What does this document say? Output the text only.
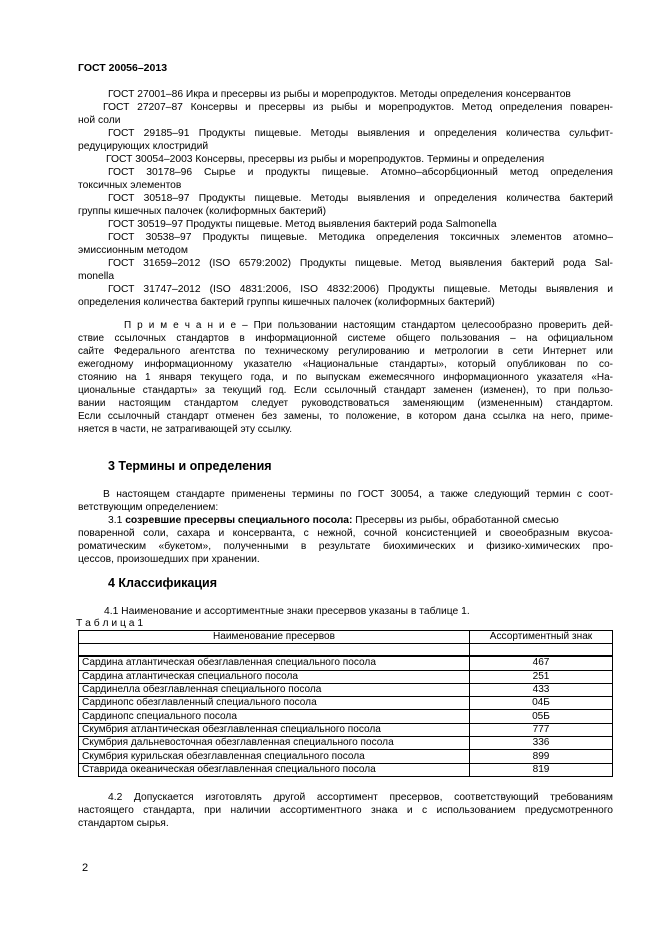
ГОСТ 20056–2013
ГОСТ 27001–86 Икра и пресервы из рыбы и морепродуктов. Методы определения консервантов
ГОСТ 27207–87 Консервы и пресервы из рыбы и морепродуктов. Метод определения поварен-
ной соли
ГОСТ 29185–91 Продукты пищевые. Методы выявления и определения количества сульфит-
редуцирующих клостридий
ГОСТ 30054–2003 Консервы, пресервы из рыбы и морепродуктов. Термины и определения
ГОСТ 30178–96 Сырье и продукты пищевые. Атомно–абсорбционный метод определения
токсичных элементов
ГОСТ 30518–97 Продукты пищевые. Методы выявления и определения количества бактерий
группы кишечных палочек (колиформных бактерий)
ГОСТ 30519–97 Продукты пищевые. Метод выявления бактерий рода Salmonella
ГОСТ 30538–97 Продукты пищевые. Методика определения токсичных элементов атомно–
эмиссионным методом
ГОСТ 31659–2012 (ISO 6579:2002) Продукты пищевые. Метод выявления бактерий рода Sal-
monella
ГОСТ 31747–2012 (ISO 4831:2006, ISO 4832:2006) Продукты пищевые. Методы выявления и
определения количества бактерий группы кишечных палочек (колиформных бактерий)
П р и м е ч а н и е – При пользовании настоящим стандартом целесообразно проверить дей-
ствие ссылочных стандартов в информационной системе общего пользования – на официальном
сайте Федерального агентства по техническому регулированию и метрологии в сети Интернет или
ежегодному информационному указателю «Национальные стандарты», который опубликован по со-
стоянию на 1 января текущего года, и по выпускам ежемесячного информационного указателя «На-
циональные стандарты» за текущий год. Если ссылочный стандарт заменен (изменен), то при пользо-
вании настоящим стандартом следует руководствоваться заменяющим (измененным) стандартом.
Если ссылочный стандарт отменен без замены, то положение, в котором дана ссылка на него, приме-
няется в части, не затрагивающей эту ссылку.
3 Термины и определения
В настоящем стандарте применены термины по ГОСТ 30054, а также следующий термин с соот-
ветствующим определением:
3.1 созревшие пресервы специального посола: Пресервы из рыбы, обработанной смесью
поваренной соли, сахара и консерванта, с нежной, сочной консистенцией и своеобразным вкусоа-
роматическим «букетом», полученными в результате биохимических и физико-химических про-
цессов, произошедших при хранении.
4 Классификация
4.1 Наименование и ассортиментные знаки пресервов указаны в таблице 1.
Т а б л и ц а 1
Наименование пресервов	Ассортиментный знак

Сардина атлантическая обезглавленная специального посола	467
Сардина атлантическая специального посола	251
Сардинелла обезглавленная специального посола	433
Сардинопс обезглавленный специального посола	04Б
Сардинопс специального посола	05Б
Скумбрия атлантическая обезглавленная специального посола	777
Скумбрия дальневосточная обезглавленная специального посола	336
Скумбрия курильская обезглавленная специального посола	899
Ставрида океаническая обезглавленная специального посола	819
4.2 Допускается изготовлять другой ассортимент пресервов, соответствующий требованиям
настоящего стандарта, при наличии ассортиментного знака и с использованием предусмотренного
стандартом сырья.
2
